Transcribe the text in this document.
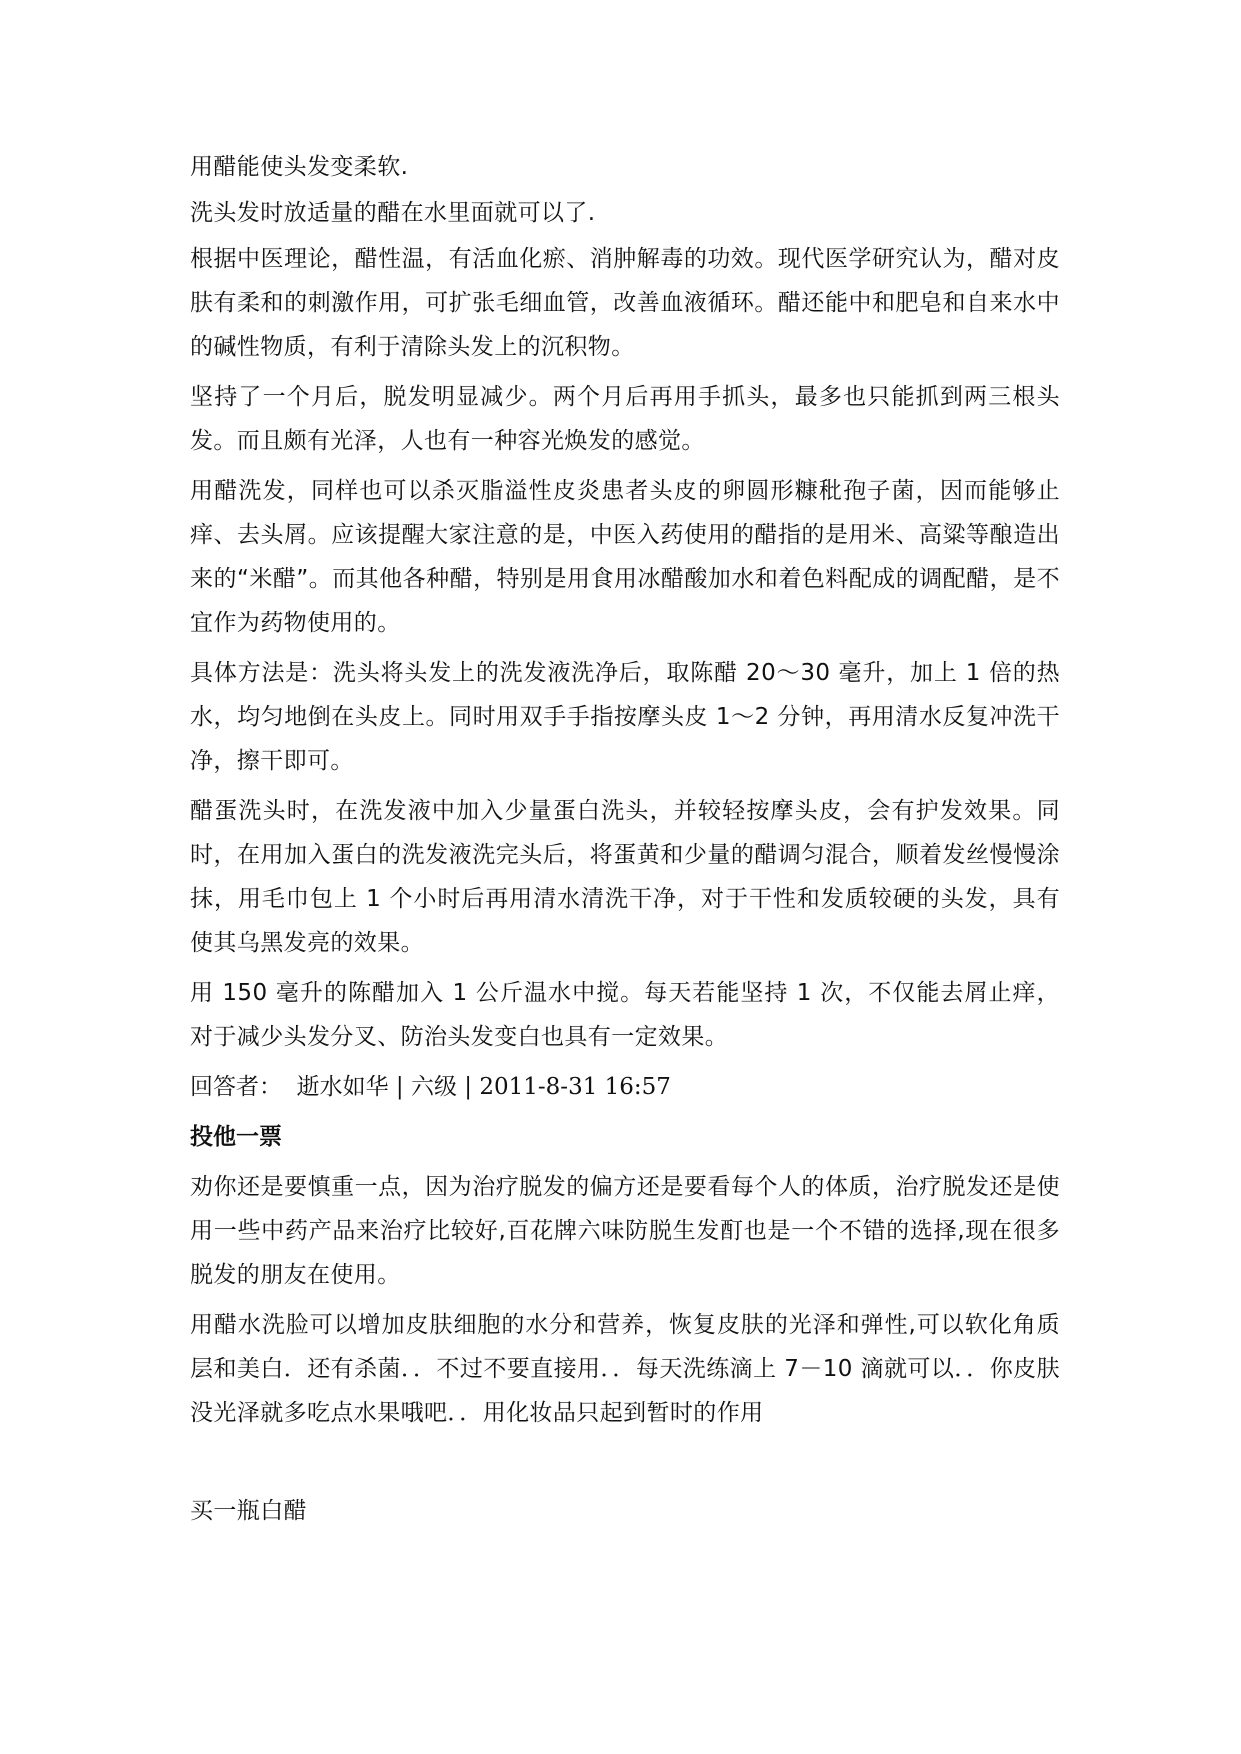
用醋能使头发变柔软.

洗头发时放适量的醋在水里面就可以了.

根据中医理论，醋性温，有活血化瘀、消肿解毒的功效。现代医学研究认为，醋对皮肤有柔和的刺激作用，可扩张毛细血管，改善血液循环。醋还能中和肥皂和自来水中的碱性物质，有利于清除头发上的沉积物。

坚持了一个月后，脱发明显减少。两个月后再用手抓头，最多也只能抓到两三根头发。而且颇有光泽，人也有一种容光焕发的感觉。

用醋洗发，同样也可以杀灭脂溢性皮炎患者头皮的卵圆形糠秕孢子菌，因而能够止痒、去头屑。应该提醒大家注意的是，中医入药使用的醋指的是用米、高粱等酿造出来的“米醋”。而其他各种醋，特别是用食用冰醋酸加水和着色料配成的调配醋，是不宜作为药物使用的。

具体方法是：洗头将头发上的洗发液洗净后，取陈醋 20～30 毫升，加上 1 倍的热水，均匀地倒在头皮上。同时用双手手指按摩头皮 1～2 分钟，再用清水反复冲洗干净，擦干即可。

醋蛋洗头时，在洗发液中加入少量蛋白洗头，并较轻按摩头皮，会有护发效果。同时，在用加入蛋白的洗发液洗完头后，将蛋黄和少量的醋调匀混合，顺着发丝慢慢涂抹，用毛巾包上 1 个小时后再用清水清洗干净，对于干性和发质较硬的头发，具有使其乌黑发亮的效果。

用 150 毫升的陈醋加入 1 公斤温水中搅。每天若能坚持 1 次，不仅能去屑止痒，对于减少头发分叉、防治头发变白也具有一定效果。

回答者：  逝水如华 | 六级 | 2011-8-31 16:57
投他一票

劝你还是要慎重一点，因为治疗脱发的偏方还是要看每个人的体质，治疗脱发还是使用一些中药产品来治疗比较好,百花牌六味防脱生发酊也是一个不错的选择,现在很多脱发的朋友在使用。

用醋水洗脸可以增加皮肤细胞的水分和营养，恢复皮肤的光泽和弹性,可以软化角质层和美白．还有杀菌．．不过不要直接用．．每天洗练滴上 7－10 滴就可以．．你皮肤没光泽就多吃点水果哦吧．．用化妆品只起到暂时的作用

买一瓶白醋
